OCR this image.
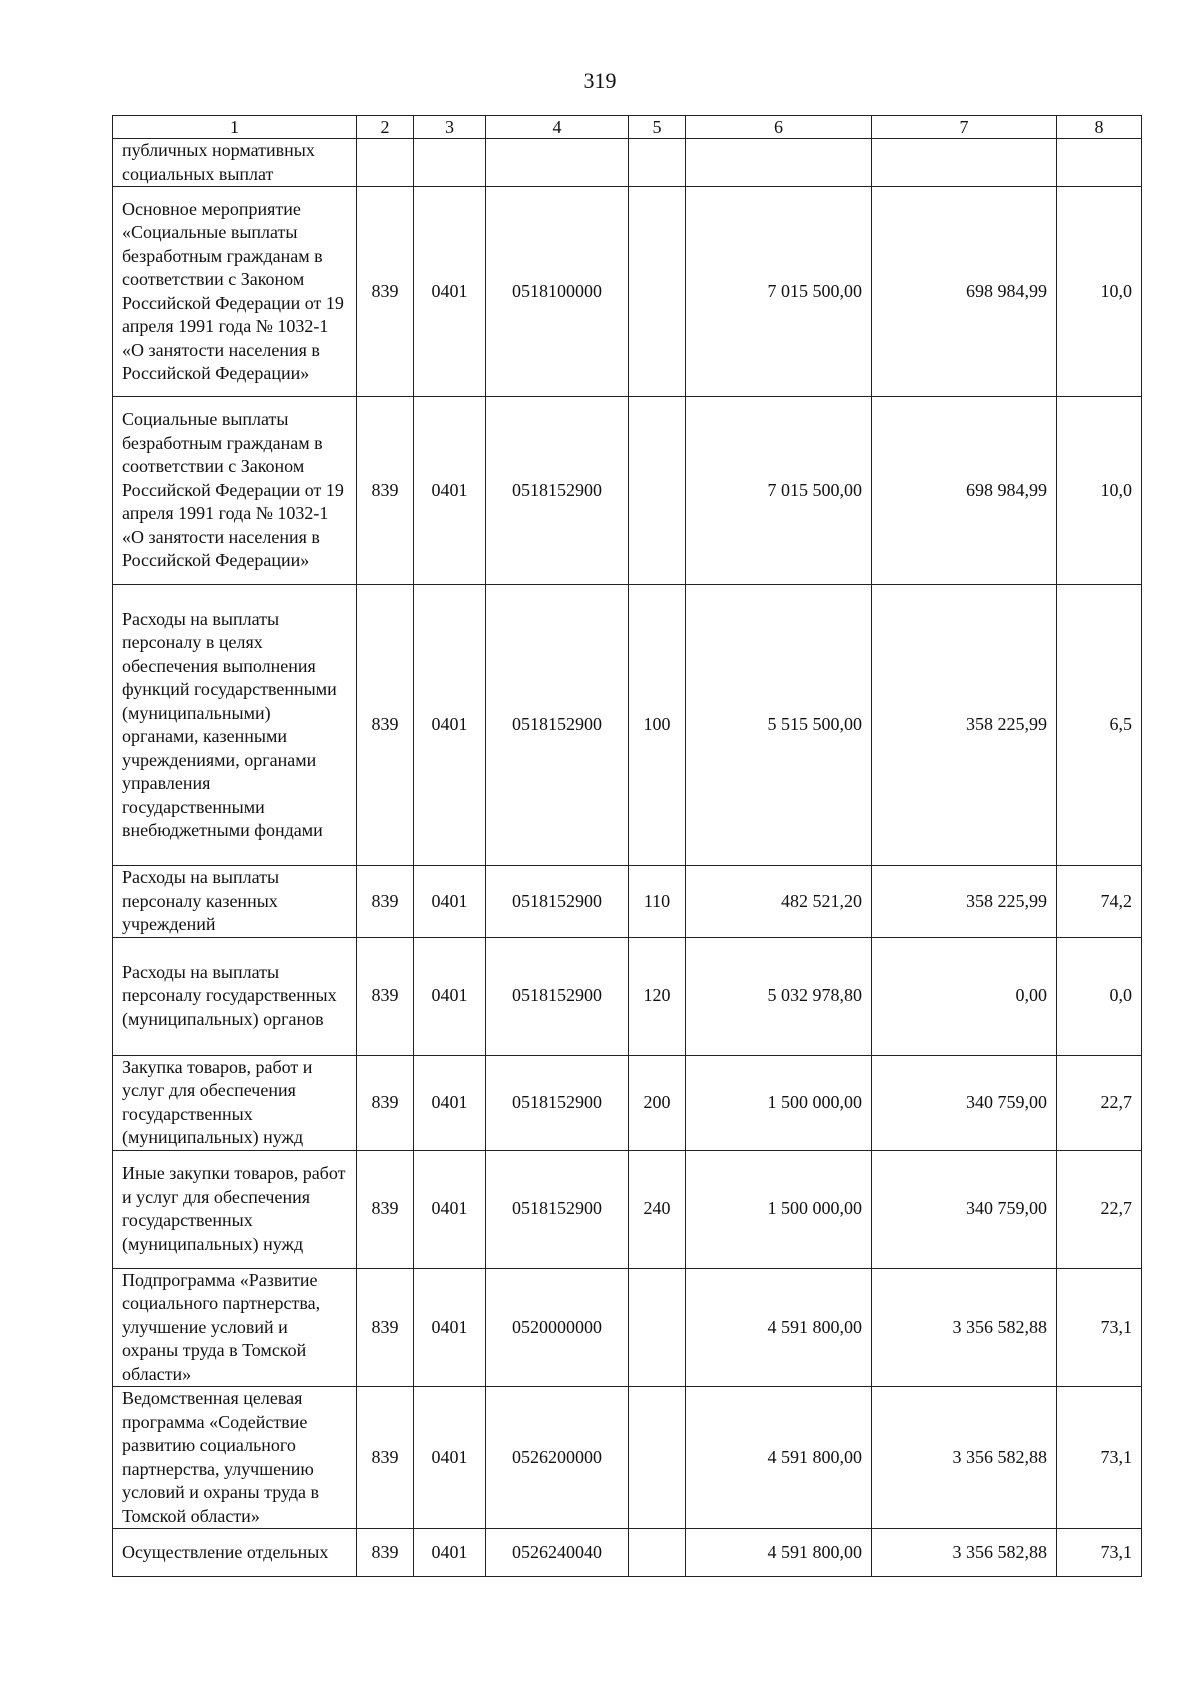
319
1	2	3	4	5	6	7	8
публичных нормативных социальных выплат							
Основное мероприятие «Социальные выплаты безработным гражданам в соответствии с Законом Российской Федерации от 19 апреля 1991 года № 1032-1 «О занятости населения в Российской Федерации»	839	0401	0518100000		7 015 500,00	698 984,99	10,0
Социальные выплаты безработным гражданам в соответствии с Законом Российской Федерации от 19 апреля 1991 года № 1032-1 «О занятости населения в Российской Федерации»	839	0401	0518152900		7 015 500,00	698 984,99	10,0
Расходы на выплаты персоналу в целях обеспечения выполнения функций государственными (муниципальными) органами, казенными учреждениями, органами управления государственными внебюджетными фондами	839	0401	0518152900	100	5 515 500,00	358 225,99	6,5
Расходы на выплаты персоналу казенных учреждений	839	0401	0518152900	110	482 521,20	358 225,99	74,2
Расходы на выплаты персоналу государственных (муниципальных) органов	839	0401	0518152900	120	5 032 978,80	0,00	0,0
Закупка товаров, работ и услуг для обеспечения государственных (муниципальных) нужд	839	0401	0518152900	200	1 500 000,00	340 759,00	22,7
Иные закупки товаров, работ и услуг для обеспечения государственных (муниципальных) нужд	839	0401	0518152900	240	1 500 000,00	340 759,00	22,7
Подпрограмма «Развитие социального партнерства, улучшение условий и охраны труда в Томской области»	839	0401	0520000000		4 591 800,00	3 356 582,88	73,1
Ведомственная целевая программа «Содействие развитию социального партнерства, улучшению условий и охраны труда в Томской области»	839	0401	0526200000		4 591 800,00	3 356 582,88	73,1
Осуществление отдельных	839	0401	0526240040		4 591 800,00	3 356 582,88	73,1
